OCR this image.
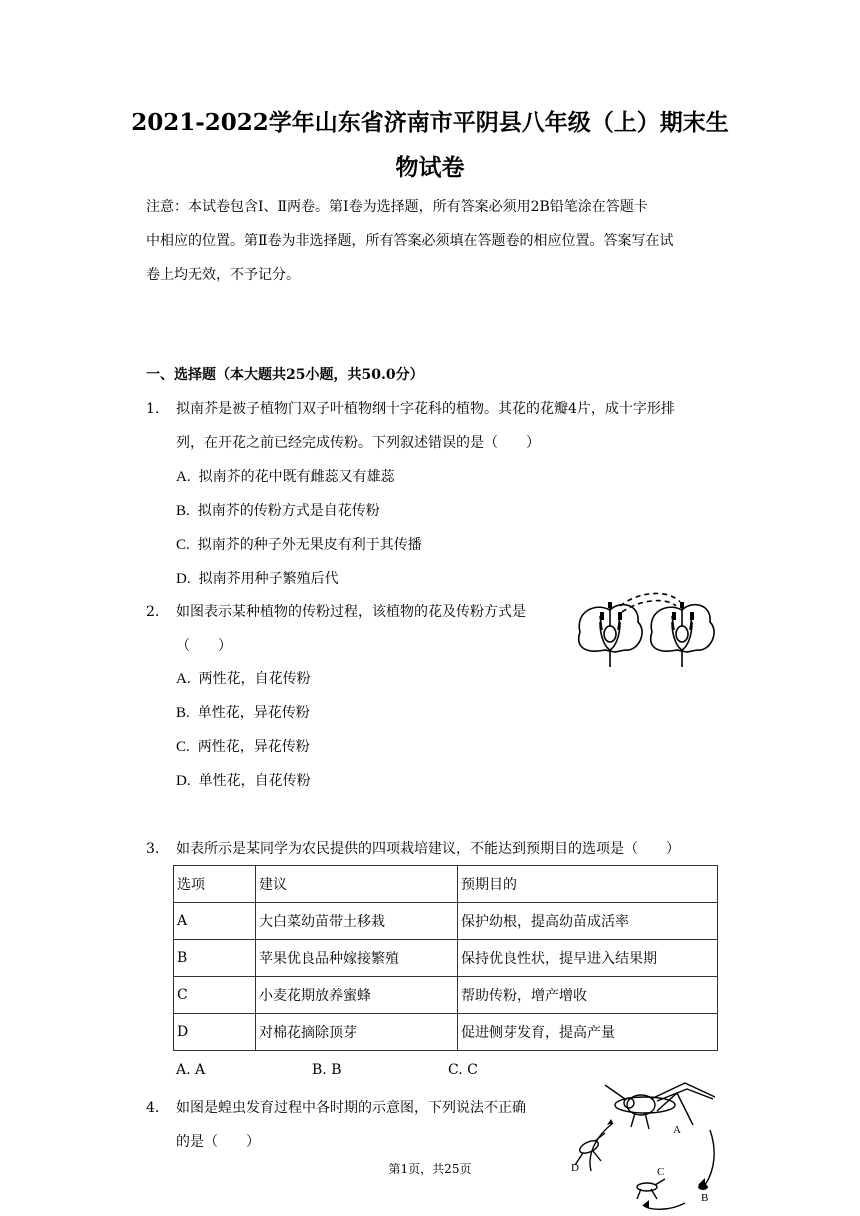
2021-2022学年山东省济南市平阴县八年级（上）期末生
物试卷
注意：本试卷包含Ⅰ、Ⅱ两卷。第Ⅰ卷为选择题，所有答案必须用2B铅笔涂在答题卡
中相应的位置。第Ⅱ卷为非选择题，所有答案必须填在答题卷的相应位置。答案写在试
卷上均无效，不予记分。
一、选择题（本大题共25小题，共50.0分）
1. 拟南芥是被子植物门双子叶植物纲十字花科的植物。其花的花瓣4片，成十字形排
列，在开花之前已经完成传粉。下列叙述错误的是（　　）
A. 拟南芥的花中既有雌蕊又有雄蕊
B. 拟南芥的传粉方式是自花传粉
C. 拟南芥的种子外无果皮有利于其传播
D. 拟南芥用种子繁殖后代
2. 如图表示某种植物的传粉过程，该植物的花及传粉方式是
（　　）
A. 两性花，自花传粉
B. 单性花，异花传粉
C. 两性花，异花传粉
D. 单性花，自花传粉
3. 如表所示是某同学为农民提供的四项栽培建议，不能达到预期目的选项是（　　）
选项	建议	预期目的
A	大白菜幼苗带土移栽	保护幼根，提高幼苗成活率
B	苹果优良品种嫁接繁殖	保持优良性状，提早进入结果期
C	小麦花期放养蜜蜂	帮助传粉，增产增收
D	对棉花摘除顶芽	促进侧芽发育，提高产量
A. A	B. B	C. C
4. 如图是蝗虫发育过程中各时期的示意图，下列说法不正确
的是（　　）
A
B
C
D
第1页，共25页
